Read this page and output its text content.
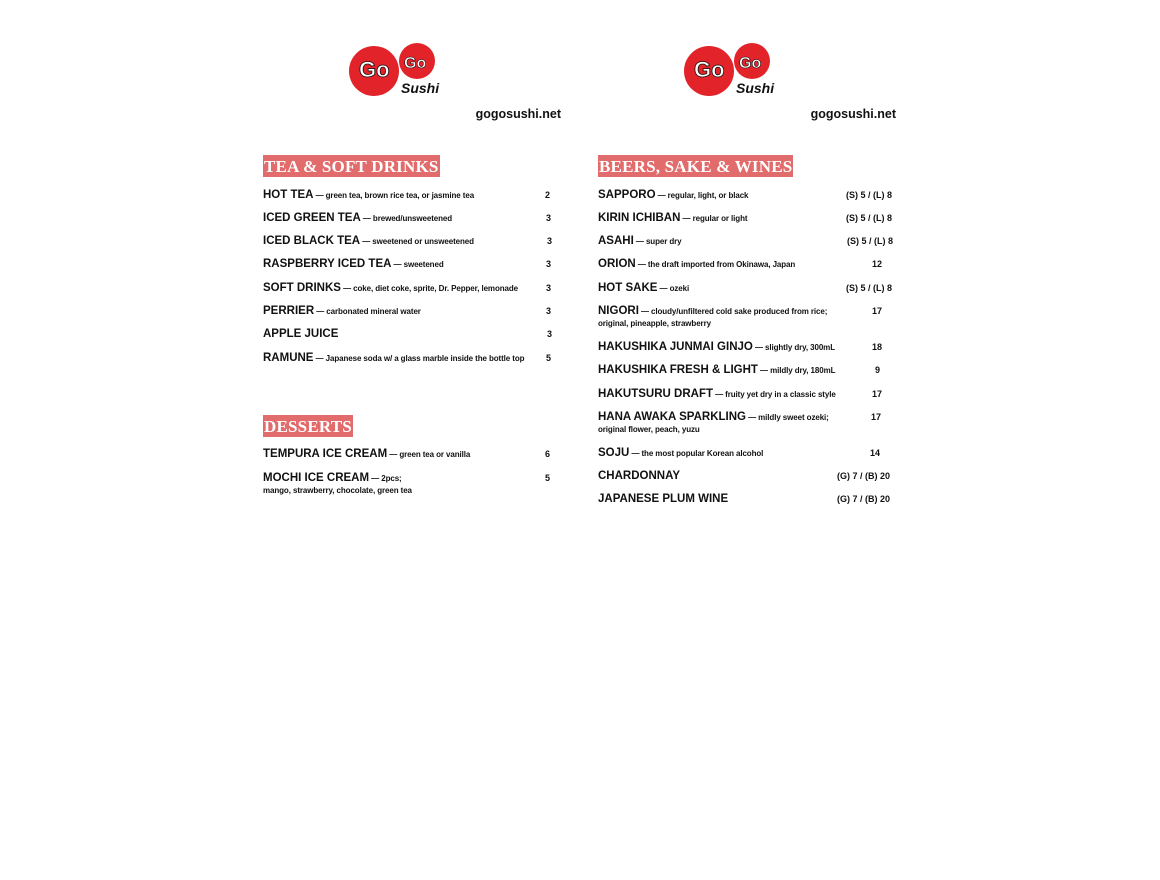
Go Go
Sushi
gogosushi.net
TEA & SOFT DRINKS
HOT TEA — green tea, brown rice tea, or jasmine tea	2
ICED GREEN TEA — brewed/unsweetened	3
ICED BLACK TEA — sweetened or unsweetened	3
RASPBERRY ICED TEA — sweetened	3
SOFT DRINKS — coke, diet coke, sprite, Dr. Pepper, lemonade	3
PERRIER — carbonated mineral water	3
APPLE JUICE	3
RAMUNE — Japanese soda w/ a glass marble inside the bottle top 5
DESSERTS
TEMPURA ICE CREAM — green tea or vanilla	6
MOCHI ICE CREAM — 2pcs;
mango, strawberry, chocolate, green tea
5
Go Go
Sushi
gogosushi.net
BEERS, SAKE & WINES
SAPPORO — regular, light, or black	(S) 5 / (L) 8
KIRIN ICHIBAN — regular or light	(S) 5 / (L) 8
ASAHI — super dry	(S) 5 / (L) 8
ORION — the draft imported from Okinawa, Japan	12
HOT SAKE — ozeki	(S) 5 / (L) 8
NIGORI — cloudy/unfiltered cold sake produced from rice;
original, pineapple, strawberry
17
HAKUSHIKA JUNMAI GINJO — slightly dry, 300mL	18
HAKUSHIKA FRESH & LIGHT — mildly dry, 180mL	9
HAKUTSURU DRAFT — fruity yet dry in a classic style	17
HANA AWAKA SPARKLING — mildly sweet ozeki;
original flower, peach, yuzu
17
SOJU — the most popular Korean alcohol	14
CHARDONNAY	(G) 7 / (B) 20
JAPANESE PLUM WINE	(G) 7 / (B) 20
